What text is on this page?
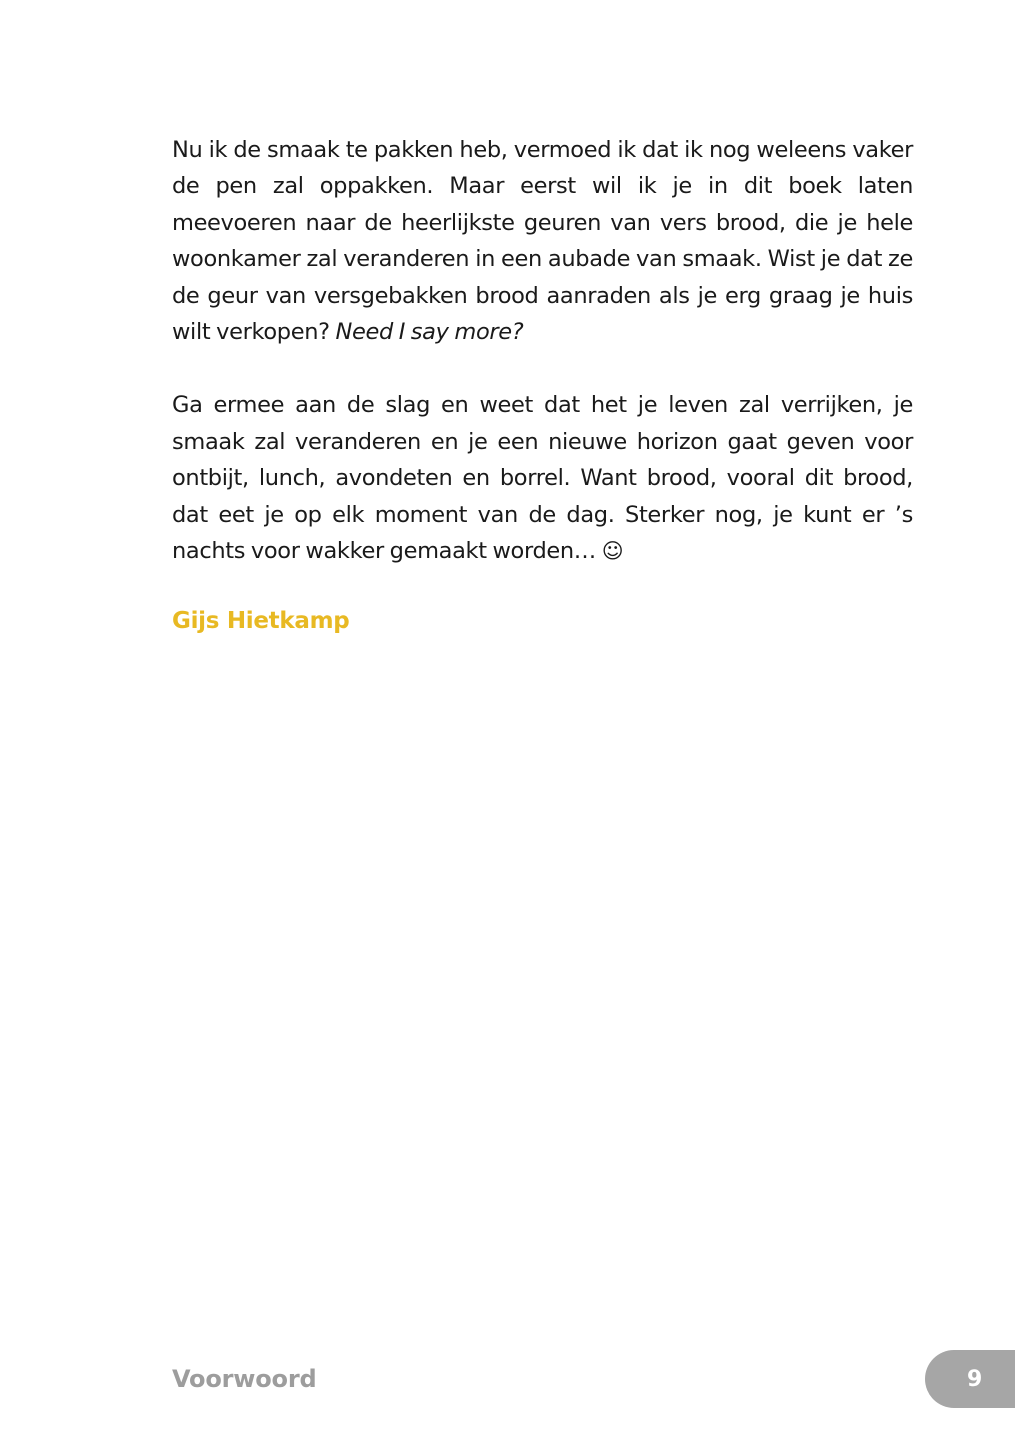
Nu ik de smaak te pakken heb, vermoed ik dat ik nog weleens vaker de pen zal oppakken. Maar eerst wil ik je in dit boek laten meevoeren naar de heerlijkste geuren van vers brood, die je hele woonkamer zal veranderen in een aubade van smaak. Wist je dat ze de geur van versgebakken brood aanraden als je erg graag je huis wilt verkopen? Need I say more?

Ga ermee aan de slag en weet dat het je leven zal verrijken, je smaak zal veranderen en je een nieuwe horizon gaat geven voor ontbijt, lunch, avondeten en borrel. Want brood, vooral dit brood, dat eet je op elk moment van de dag. Sterker nog, je kunt er ’s nachts voor wakker gemaakt worden… ☺

Gijs Hietkamp
Voorwoord	9
